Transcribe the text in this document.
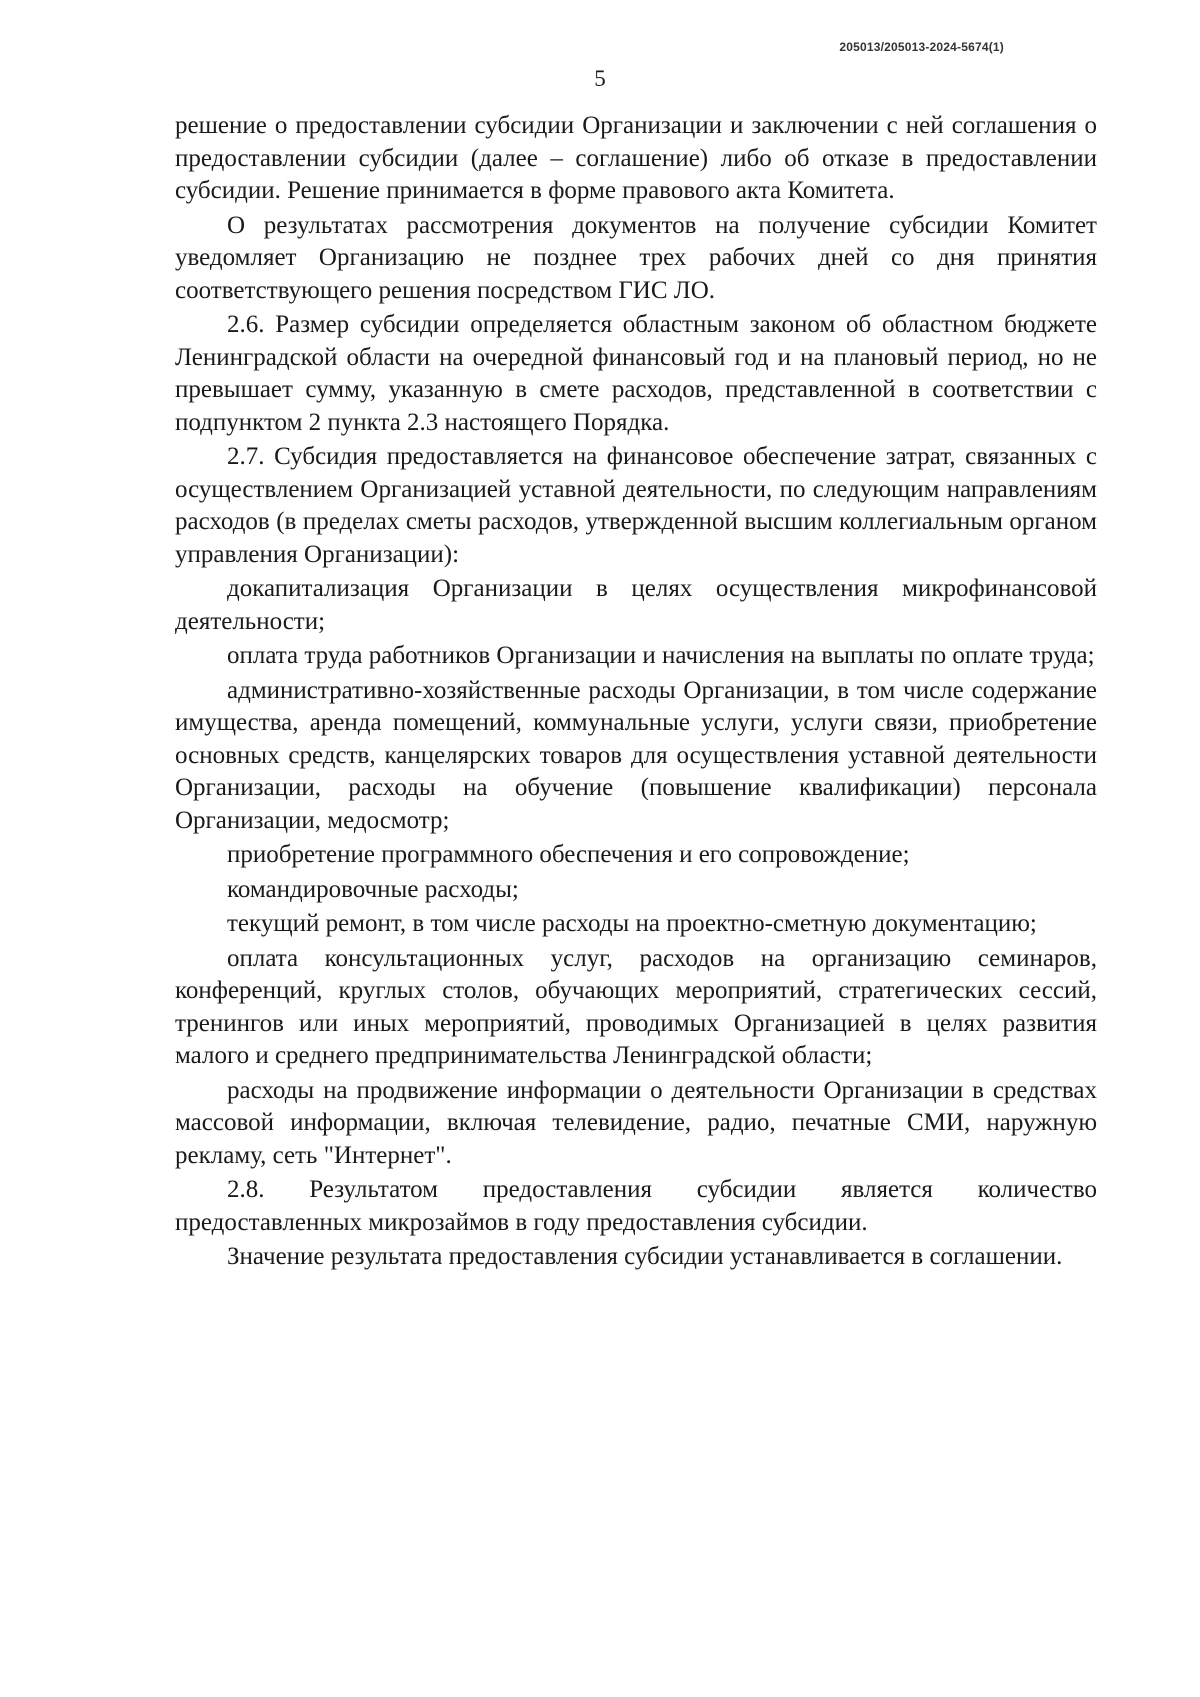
205013/205013-2024-5674(1)
5

решение о предоставлении субсидии Организации и заключении с ней соглашения о предоставлении субсидии (далее – соглашение) либо об отказе в предоставлении субсидии. Решение принимается в форме правового акта Комитета.

О результатах рассмотрения документов на получение субсидии Комитет уведомляет Организацию не позднее трех рабочих дней со дня принятия соответствующего решения посредством ГИС ЛО.

2.6. Размер субсидии определяется областным законом об областном бюджете Ленинградской области на очередной финансовый год и на плановый период, но не превышает сумму, указанную в смете расходов, представленной в соответствии с подпунктом 2 пункта 2.3 настоящего Порядка.

2.7. Субсидия предоставляется на финансовое обеспечение затрат, связанных с осуществлением Организацией уставной деятельности, по следующим направлениям расходов (в пределах сметы расходов, утвержденной высшим коллегиальным органом управления Организации):

докапитализация Организации в целях осуществления микрофинансовой деятельности;

оплата труда работников Организации и начисления на выплаты по оплате труда;

административно-хозяйственные расходы Организации, в том числе содержание имущества, аренда помещений, коммунальные услуги, услуги связи, приобретение основных средств, канцелярских товаров для осуществления уставной деятельности Организации, расходы на обучение (повышение квалификации) персонала Организации, медосмотр;

приобретение программного обеспечения и его сопровождение;

командировочные расходы;

текущий ремонт, в том числе расходы на проектно-сметную документацию;

оплата консультационных услуг, расходов на организацию семинаров, конференций, круглых столов, обучающих мероприятий, стратегических сессий, тренингов или иных мероприятий, проводимых Организацией в целях развития малого и среднего предпринимательства Ленинградской области;

расходы на продвижение информации о деятельности Организации в средствах массовой информации, включая телевидение, радио, печатные СМИ, наружную рекламу, сеть "Интернет".

2.8. Результатом предоставления субсидии является количество предоставленных микрозаймов в году предоставления субсидии.

Значение результата предоставления субсидии устанавливается в соглашении.
